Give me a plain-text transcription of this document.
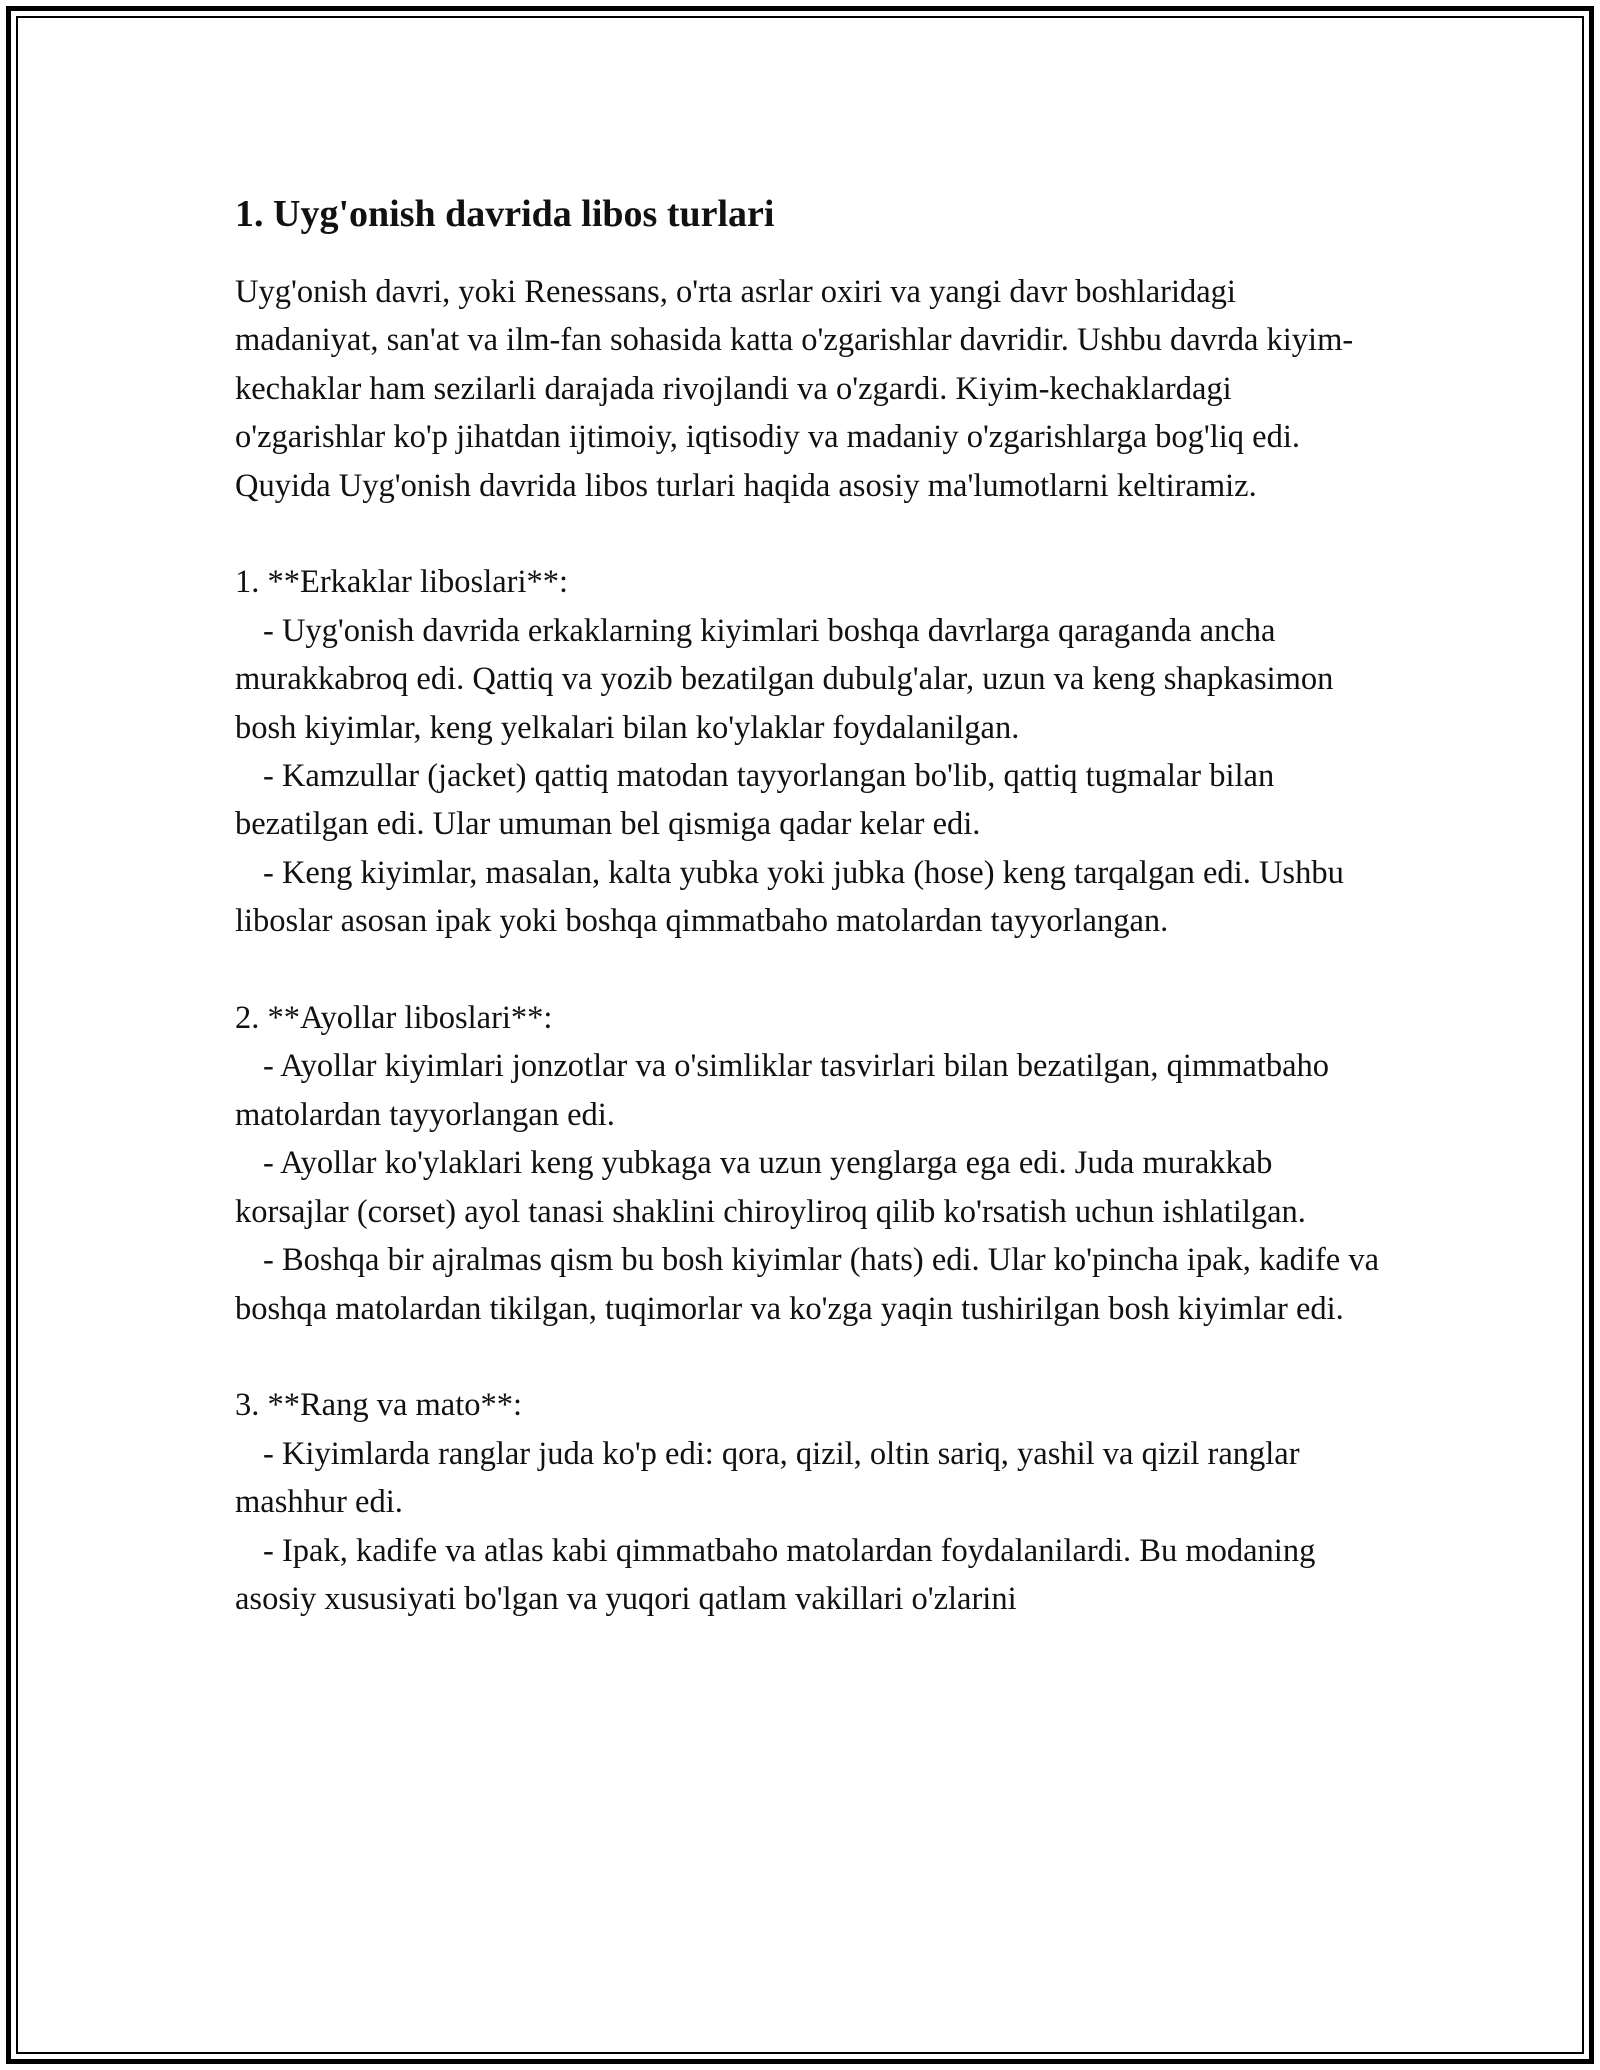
1. Uyg'onish davrida libos turlari

Uyg'onish davri, yoki Renessans, o'rta asrlar oxiri va yangi davr boshlaridagi madaniyat, san'at va ilm-fan sohasida katta o'zgarishlar davridir. Ushbu davrda kiyim-kechaklar ham sezilarli darajada rivojlandi va o'zgardi. Kiyim-kechaklardagi o'zgarishlar ko'p jihatdan ijtimoiy, iqtisodiy va madaniy o'zgarishlarga bog'liq edi. Quyida Uyg'onish davrida libos turlari haqida asosiy ma'lumotlarni keltiramiz.

1. **Erkaklar liboslari**:
- Uyg'onish davrida erkaklarning kiyimlari boshqa davrlarga qaraganda ancha murakkabroq edi. Qattiq va yozib bezatilgan dubulg'alar, uzun va keng shapkasimon bosh kiyimlar, keng yelkalari bilan ko'ylaklar foydalanilgan.
- Kamzullar (jacket) qattiq matodan tayyorlangan bo'lib, qattiq tugmalar bilan bezatilgan edi. Ular umuman bel qismiga qadar kelar edi.
- Keng kiyimlar, masalan, kalta yubka yoki jubka (hose) keng tarqalgan edi. Ushbu liboslar asosan ipak yoki boshqa qimmatbaho matolardan tayyorlangan.
2. **Ayollar liboslari**:
- Ayollar kiyimlari jonzotlar va o'simliklar tasvirlari bilan bezatilgan, qimmatbaho matolardan tayyorlangan edi.
- Ayollar ko'ylaklari keng yubkaga va uzun yenglarga ega edi. Juda murakkab korsajlar (corset) ayol tanasi shaklini chiroyliroq qilib ko'rsatish uchun ishlatilgan.
- Boshqa bir ajralmas qism bu bosh kiyimlar (hats) edi. Ular ko'pincha ipak, kadife va boshqa matolardan tikilgan, tuqimorlar va ko'zga yaqin tushirilgan bosh kiyimlar edi.
3. **Rang va mato**:
- Kiyimlarda ranglar juda ko'p edi: qora, qizil, oltin sariq, yashil va qizil ranglar mashhur edi.
- Ipak, kadife va atlas kabi qimmatbaho matolardan foydalanilardi. Bu modaning asosiy xususiyati bo'lgan va yuqori qatlam vakillari o'zlarini
